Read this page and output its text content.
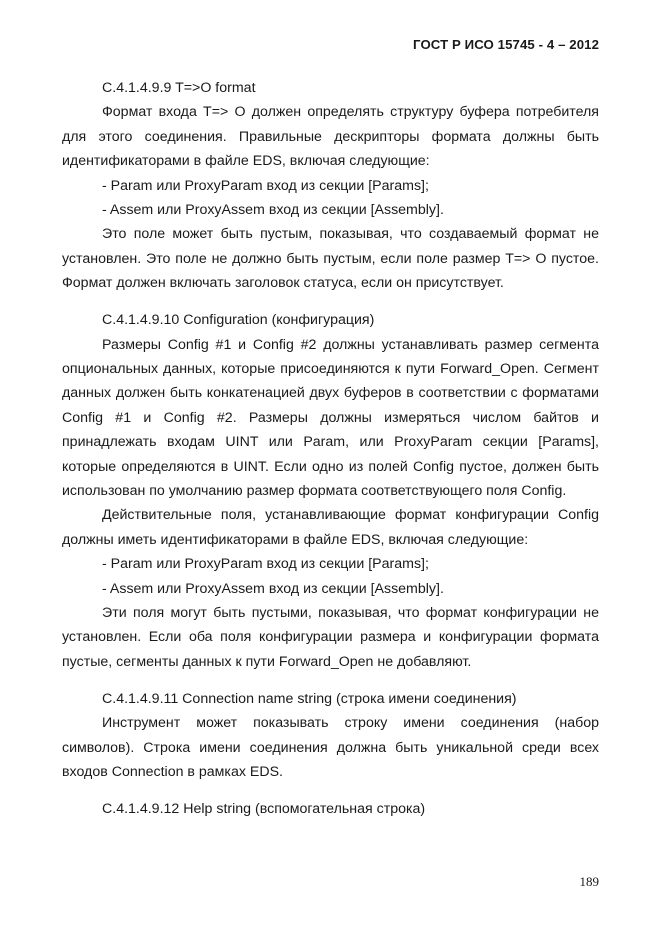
ГОСТ Р ИСО 15745 - 4 – 2012

C.4.1.4.9.9 T=>O format

Формат входа T=> O должен определять структуру буфера потребителя для этого соединения. Правильные дескрипторы формата должны быть идентификаторами в файле EDS, включая следующие:

- Param или ProxyParam вход из секции [Params];

- Assem или ProxyAssem вход из секции [Assembly].

Это поле может быть пустым, показывая, что создаваемый формат не установлен. Это поле не должно быть пустым, если поле размер T=> O пустое. Формат должен включать заголовок статуса, если он присутствует.

C.4.1.4.9.10 Configuration (конфигурация)

Размеры Config #1 и Config #2 должны устанавливать размер сегмента опциональных данных, которые присоединяются к пути Forward_Open. Сегмент данных должен быть конкатенацией двух буферов в соответствии с форматами Config #1 и Config #2. Размеры должны измеряться числом байтов и принадлежать входам UINT или Param, или ProxyParam секции [Params], которые определяются в UINT. Если одно из полей Config пустое, должен быть использован по умолчанию размер формата соответствующего поля Config.

Действительные поля, устанавливающие формат конфигурации Config должны иметь идентификаторами в файле EDS, включая следующие:

- Param или ProxyParam вход из секции [Params];

- Assem или ProxyAssem вход из секции [Assembly].

Эти поля могут быть пустыми, показывая, что формат конфигурации не установлен. Если оба поля конфигурации размера и конфигурации формата пустые, сегменты данных к пути Forward_Open не добавляют.

C.4.1.4.9.11 Connection name string (строка имени соединения)

Инструмент может показывать строку имени соединения (набор символов). Строка имени соединения должна быть уникальной среди всех входов Connection в рамках EDS.

C.4.1.4.9.12 Help string (вспомогательная строка)

189
